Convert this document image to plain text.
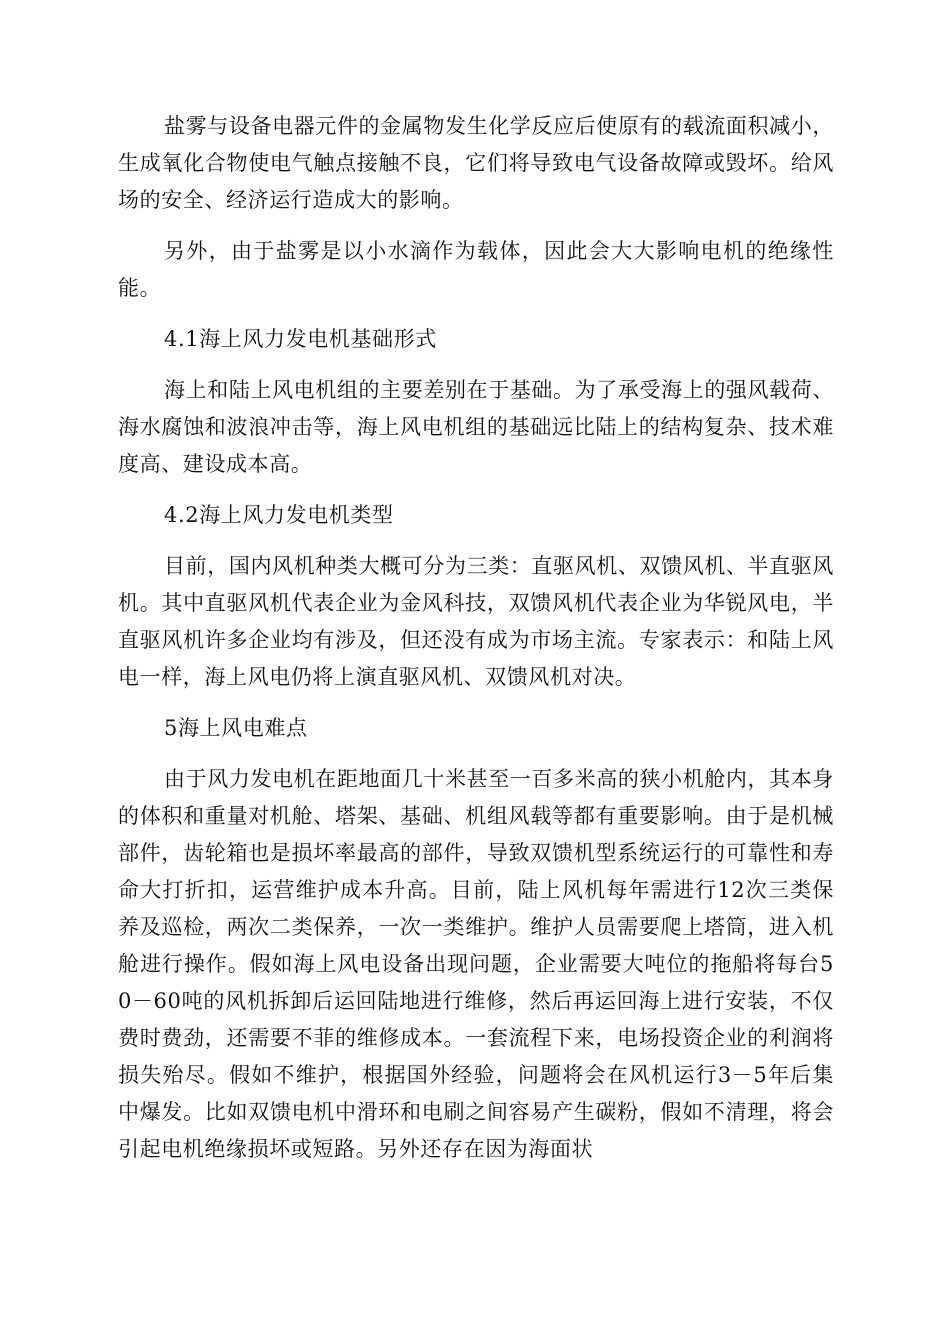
盐雾与设备电器元件的金属物发生化学反应后使原有的载流面积减小，生成氧化合物使电气触点接触不良，它们将导致电气设备故障或毁坏。给风场的安全、经济运行造成大的影响。

另外，由于盐雾是以小水滴作为载体，因此会大大影响电机的绝缘性能。

4.1海上风力发电机基础形式

海上和陆上风电机组的主要差别在于基础。为了承受海上的强风载荷、海水腐蚀和波浪冲击等，海上风电机组的基础远比陆上的结构复杂、技术难度高、建设成本高。

4.2海上风力发电机类型

目前，国内风机种类大概可分为三类：直驱风机、双馈风机、半直驱风机。其中直驱风机代表企业为金风科技，双馈风机代表企业为华锐风电，半直驱风机许多企业均有涉及，但还没有成为市场主流。专家表示：和陆上风电一样，海上风电仍将上演直驱风机、双馈风机对决。

5海上风电难点

由于风力发电机在距地面几十米甚至一百多米高的狭小机舱内，其本身的体积和重量对机舱、塔架、基础、机组风载等都有重要影响。由于是机械部件，齿轮箱也是损坏率最高的部件，导致双馈机型系统运行的可靠性和寿命大打折扣，运营维护成本升高。目前，陆上风机每年需进行12次三类保养及巡检，两次二类保养，一次一类维护。维护人员需要爬上塔筒，进入机舱进行操作。假如海上风电设备出现问题，企业需要大吨位的拖船将每台50－60吨的风机拆卸后运回陆地进行维修，然后再运回海上进行安装，不仅费时费劲，还需要不菲的维修成本。一套流程下来，电场投资企业的利润将损失殆尽。假如不维护，根据国外经验，问题将会在风机运行3－5年后集中爆发。比如双馈电机中滑环和电刷之间容易产生碳粉，假如不清理，将会引起电机绝缘损坏或短路。另外还存在因为海面状
